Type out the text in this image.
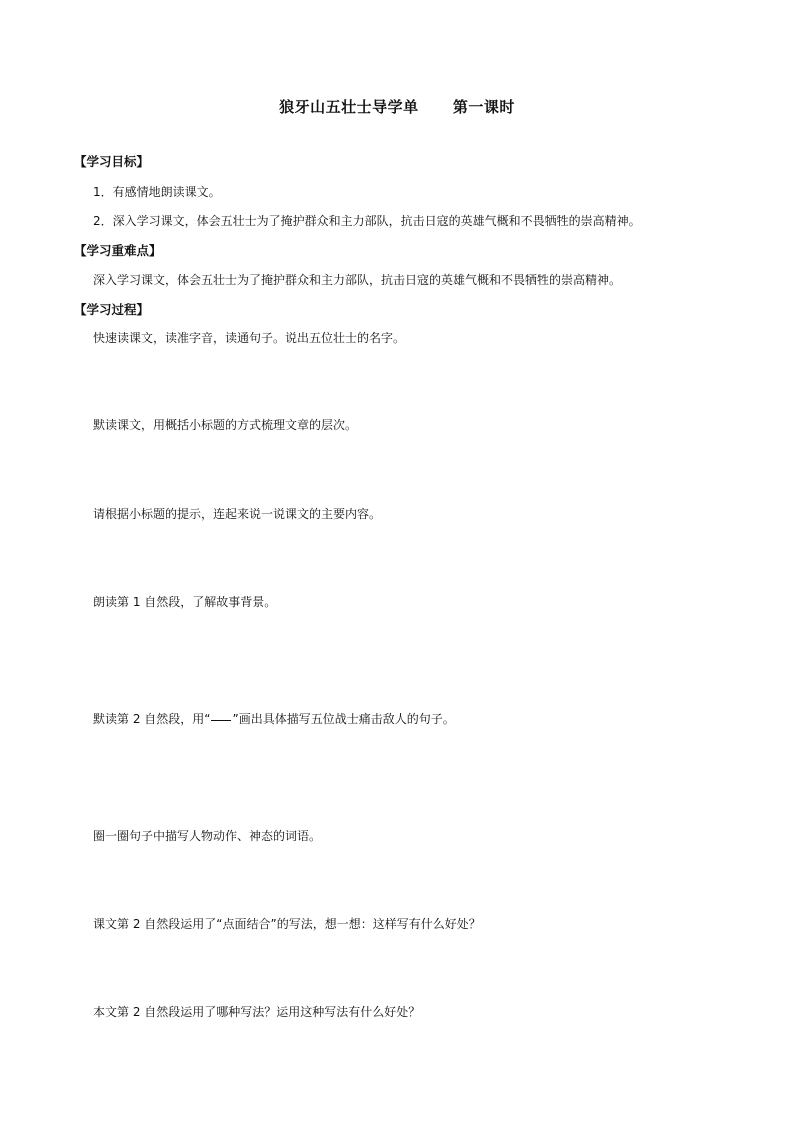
狼牙山五壮士导学单      第一课时
【学习目标】
1．有感情地朗读课文。
2．深入学习课文，体会五壮士为了掩护群众和主力部队，抗击日寇的英雄气概和不畏牺牲的崇高精神。
【学习重难点】
深入学习课文，体会五壮士为了掩护群众和主力部队，抗击日寇的英雄气概和不畏牺牲的崇高精神。
【学习过程】
快速读课文，读准字音，读通句子。说出五位壮士的名字。
默读课文，用概括小标题的方式梳理文章的层次。
请根据小标题的提示，连起来说一说课文的主要内容。
朗读第 1 自然段，了解故事背景。
默读第 2 自然段，用“ ”画出具体描写五位战士痛击敌人的句子。
圈一圈句子中描写人物动作、神态的词语。
课文第 2 自然段运用了“点面结合”的写法，想一想：这样写有什么好处？
本文第 2 自然段运用了哪种写法？运用这种写法有什么好处？
